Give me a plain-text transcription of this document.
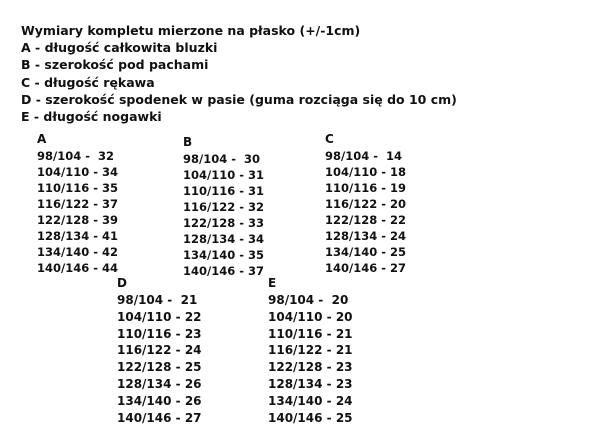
Wymiary kompletu mierzone na płasko (+/-1cm)
A - długość całkowita bluzki
B - szerokość pod pachami
C - długość rękawa
D - szerokość spodenek w pasie (guma rozciąga się do 10 cm)
E - długość nogawki
A
98/104 -  32
104/110 - 34
110/116 - 35
116/122 - 37
122/128 - 39
128/134 - 41
134/140 - 42
140/146 - 44
B
98/104 -  30
104/110 - 31
110/116 - 31
116/122 - 32
122/128 - 33
128/134 - 34
134/140 - 35
140/146 - 37
C
98/104 -  14
104/110 - 18
110/116 - 19
116/122 - 20
122/128 - 22
128/134 - 24
134/140 - 25
140/146 - 27
D
98/104 -  21
104/110 - 22
110/116 - 23
116/122 - 24
122/128 - 25
128/134 - 26
134/140 - 26
140/146 - 27
E
98/104 -  20
104/110 - 20
110/116 - 21
116/122 - 21
122/128 - 23
128/134 - 23
134/140 - 24
140/146 - 25
